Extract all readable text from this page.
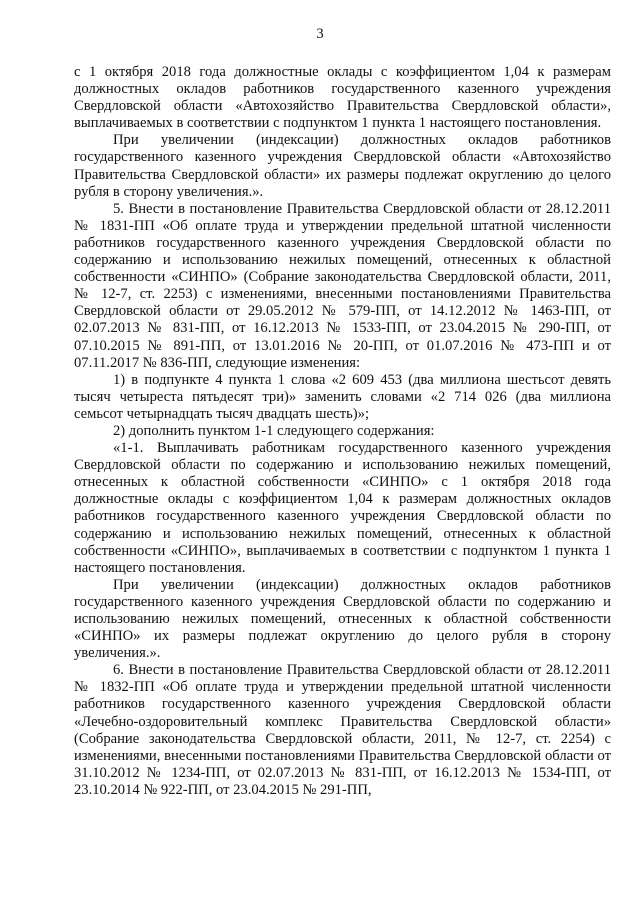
3

с 1 октября 2018 года должностные оклады с коэффициентом 1,04 к размерам должностных окладов работников государственного казенного учреждения Свердловской области «Автохозяйство Правительства Свердловской области», выплачиваемых в соответствии с подпунктом 1 пункта 1 настоящего постановления.

При увеличении (индексации) должностных окладов работников государственного казенного учреждения Свердловской области «Автохозяйство Правительства Свердловской области» их размеры подлежат округлению до целого рубля в сторону увеличения.».

5. Внести в постановление Правительства Свердловской области от 28.12.2011 № 1831-ПП «Об оплате труда и утверждении предельной штатной численности работников государственного казенного учреждения Свердловской области по содержанию и использованию нежилых помещений, отнесенных к областной собственности «СИНПО» (Собрание законодательства Свердловской области, 2011, № 12-7, ст. 2253) с изменениями, внесенными постановлениями Правительства Свердловской области от 29.05.2012 № 579-ПП, от 14.12.2012 № 1463-ПП, от 02.07.2013 № 831-ПП, от 16.12.2013 № 1533-ПП, от 23.04.2015 № 290-ПП, от 07.10.2015 № 891-ПП, от 13.01.2016 № 20-ПП, от 01.07.2016 № 473-ПП и от 07.11.2017 № 836-ПП, следующие изменения:

1) в подпункте 4 пункта 1 слова «2 609 453 (два миллиона шестьсот девять тысяч четыреста пятьдесят три)» заменить словами «2 714 026 (два миллиона семьсот четырнадцать тысяч двадцать шесть)»;

2) дополнить пунктом 1-1 следующего содержания:

«1-1. Выплачивать работникам государственного казенного учреждения Свердловской области по содержанию и использованию нежилых помещений, отнесенных к областной собственности «СИНПО» с 1 октября 2018 года должностные оклады с коэффициентом 1,04 к размерам должностных окладов работников государственного казенного учреждения Свердловской области по содержанию и использованию нежилых помещений, отнесенных к областной собственности «СИНПО», выплачиваемых в соответствии с подпунктом 1 пункта 1 настоящего постановления.

При увеличении (индексации) должностных окладов работников государственного казенного учреждения Свердловской области по содержанию и использованию нежилых помещений, отнесенных к областной собственности «СИНПО» их размеры подлежат округлению до целого рубля в сторону увеличения.».

6. Внести в постановление Правительства Свердловской области от 28.12.2011 № 1832-ПП «Об оплате труда и утверждении предельной штатной численности работников государственного казенного учреждения Свердловской области «Лечебно-оздоровительный комплекс Правительства Свердловской области» (Собрание законодательства Свердловской области, 2011, № 12-7, ст. 2254) с изменениями, внесенными постановлениями Правительства Свердловской области от 31.10.2012 № 1234-ПП, от 02.07.2013 № 831-ПП, от 16.12.2013 № 1534-ПП, от 23.10.2014 № 922-ПП, от 23.04.2015 № 291-ПП,
